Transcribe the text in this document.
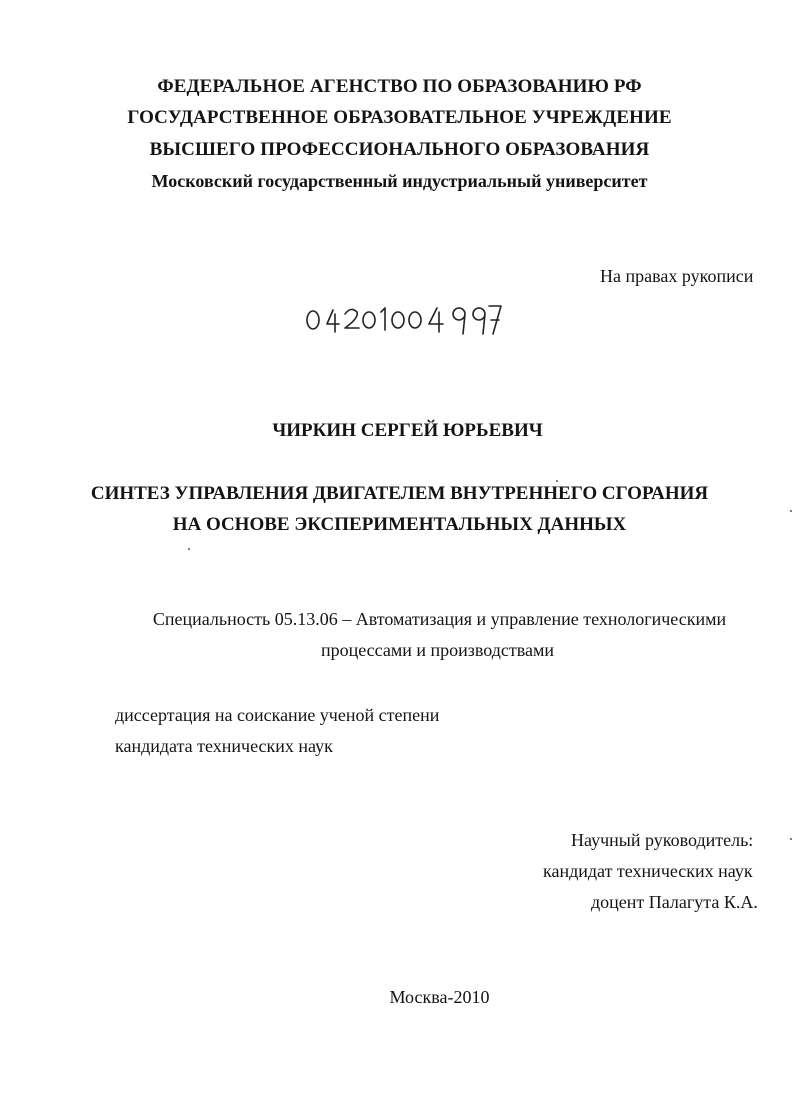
ФЕДЕРАЛЬНОЕ АГЕНСТВО ПО ОБРАЗОВАНИЮ РФ
ГОСУДАРСТВЕННОЕ ОБРАЗОВАТЕЛЬНОЕ УЧРЕЖДЕНИЕ
ВЫСШЕГО ПРОФЕССИОНАЛЬНОГО ОБРАЗОВАНИЯ
Московский государственный индустриальный университет
На правах рукописи
ЧИРКИН СЕРГЕЙ ЮРЬЕВИЧ
СИНТЕЗ УПРАВЛЕНИЯ ДВИГАТЕЛЕМ ВНУТРЕННЕГО СГОРАНИЯ
НА ОСНОВЕ ЭКСПЕРИМЕНТАЛЬНЫХ ДАННЫХ
Специальность 05.13.06 – Автоматизация и управление технологическими
процессами и производствами
диссертация на соискание ученой степени
кандидата технических наук
Научный руководитель:
кандидат технических наук
доцент Палагута К.А.
Москва-2010
